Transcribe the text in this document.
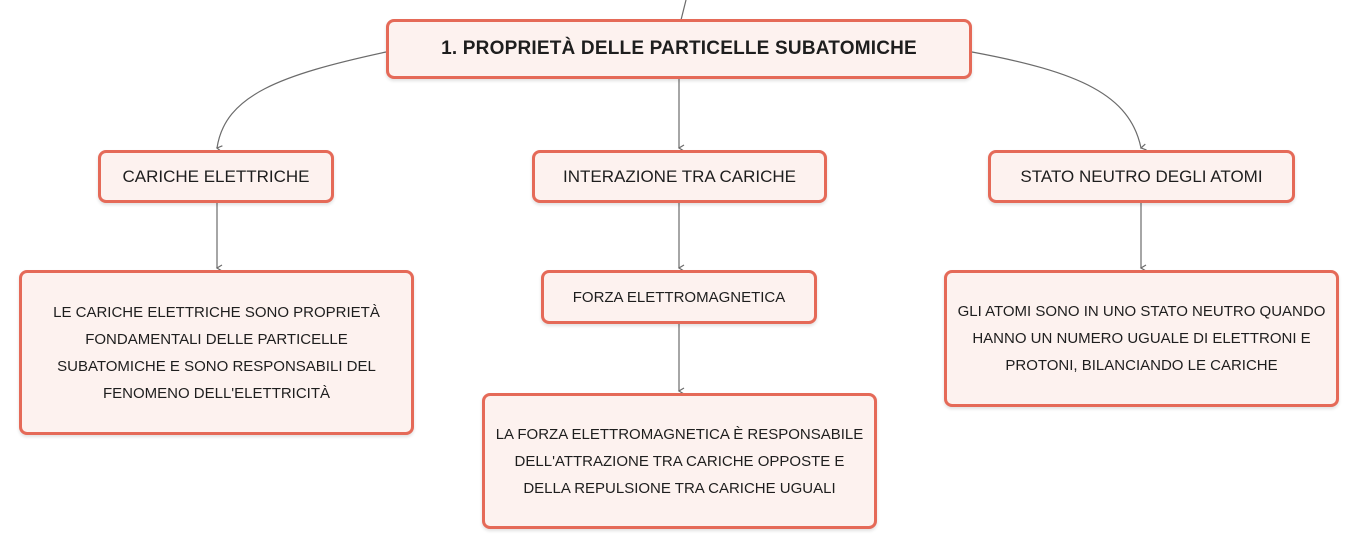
1. PROPRIETÀ DELLE PARTICELLE SUBATOMICHE
CARICHE ELETTRICHE	INTERAZIONE TRA CARICHE	STATO NEUTRO DEGLI ATOMI
LE CARICHE ELETTRICHE SONO PROPRIETÀ FONDAMENTALI DELLE PARTICELLE SUBATOMICHE E SONO RESPONSABILI DEL FENOMENO DELL'ELETTRICITÀ
FORZA ELETTROMAGNETICA
LA FORZA ELETTROMAGNETICA È RESPONSABILE DELL'ATTRAZIONE TRA CARICHE OPPOSTE E DELLA REPULSIONE TRA CARICHE UGUALI
GLI ATOMI SONO IN UNO STATO NEUTRO QUANDO HANNO UN NUMERO UGUALE DI ELETTRONI E PROTONI, BILANCIANDO LE CARICHE
